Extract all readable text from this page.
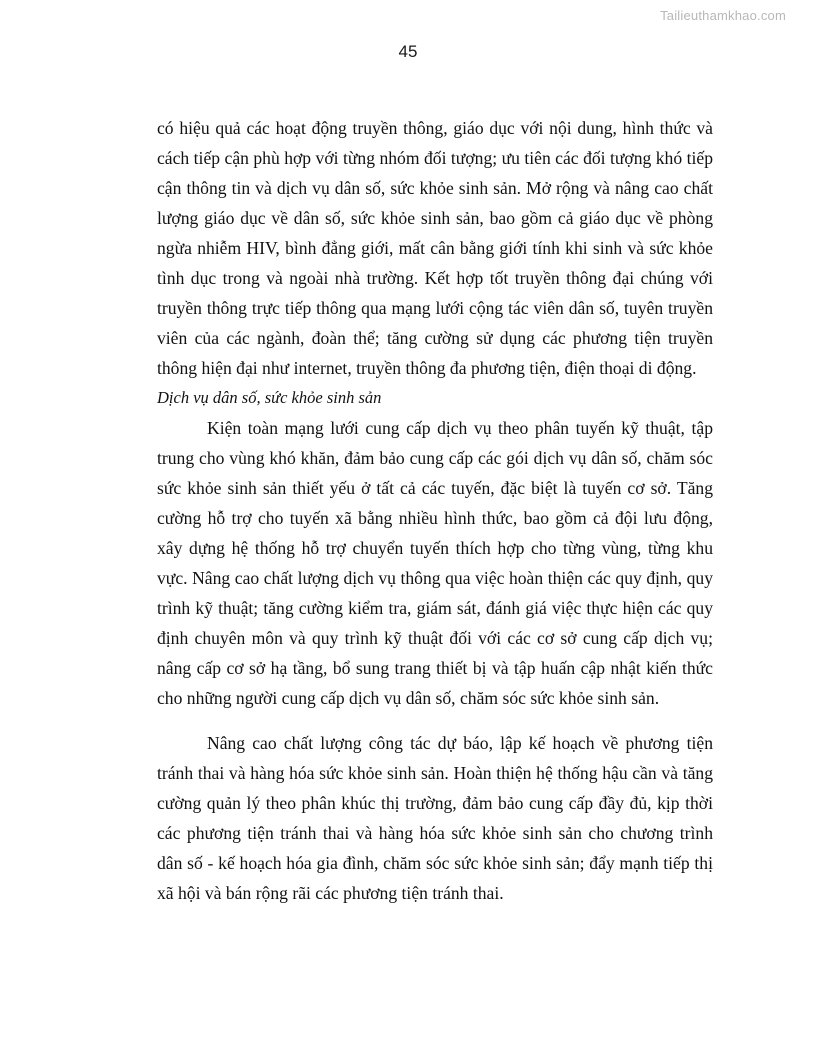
Tailieuthamkhao.com
45

có hiệu quả các hoạt động truyền thông, giáo dục với nội dung, hình thức và cách tiếp cận phù hợp với từng nhóm đối tượng; ưu tiên các đối tượng khó tiếp cận thông tin và dịch vụ dân số, sức khỏe sinh sản. Mở rộng và nâng cao chất lượng giáo dục về dân số, sức khỏe sinh sản, bao gồm cả giáo dục về phòng ngừa nhiễm HIV, bình đẳng giới, mất cân bằng giới tính khi sinh và sức khỏe tình dục trong và ngoài nhà trường. Kết hợp tốt truyền thông đại chúng với truyền thông trực tiếp thông qua mạng lưới cộng tác viên dân số, tuyên truyền viên của các ngành, đoàn thể; tăng cường sử dụng các phương tiện truyền thông hiện đại như internet, truyền thông đa phương tiện, điện thoại di động.

Dịch vụ dân số, sức khỏe sinh sản

Kiện toàn mạng lưới cung cấp dịch vụ theo phân tuyến kỹ thuật, tập trung cho vùng khó khăn, đảm bảo cung cấp các gói dịch vụ dân số, chăm sóc sức khỏe sinh sản thiết yếu ở tất cả các tuyến, đặc biệt là tuyến cơ sở. Tăng cường hỗ trợ cho tuyến xã bằng nhiều hình thức, bao gồm cả đội lưu động, xây dựng hệ thống hỗ trợ chuyển tuyến thích hợp cho từng vùng, từng khu vực. Nâng cao chất lượng dịch vụ thông qua việc hoàn thiện các quy định, quy trình kỹ thuật; tăng cường kiểm tra, giám sát, đánh giá việc thực hiện các quy định chuyên môn và quy trình kỹ thuật đối với các cơ sở cung cấp dịch vụ; nâng cấp cơ sở hạ tầng, bổ sung trang thiết bị và tập huấn cập nhật kiến thức cho những người cung cấp dịch vụ dân số, chăm sóc sức khỏe sinh sản.

Nâng cao chất lượng công tác dự báo, lập kế hoạch về phương tiện tránh thai và hàng hóa sức khỏe sinh sản. Hoàn thiện hệ thống hậu cần và tăng cường quản lý theo phân khúc thị trường, đảm bảo cung cấp đầy đủ, kịp thời các phương tiện tránh thai và hàng hóa sức khỏe sinh sản cho chương trình dân số - kế hoạch hóa gia đình, chăm sóc sức khỏe sinh sản; đẩy mạnh tiếp thị xã hội và bán rộng rãi các phương tiện tránh thai.
